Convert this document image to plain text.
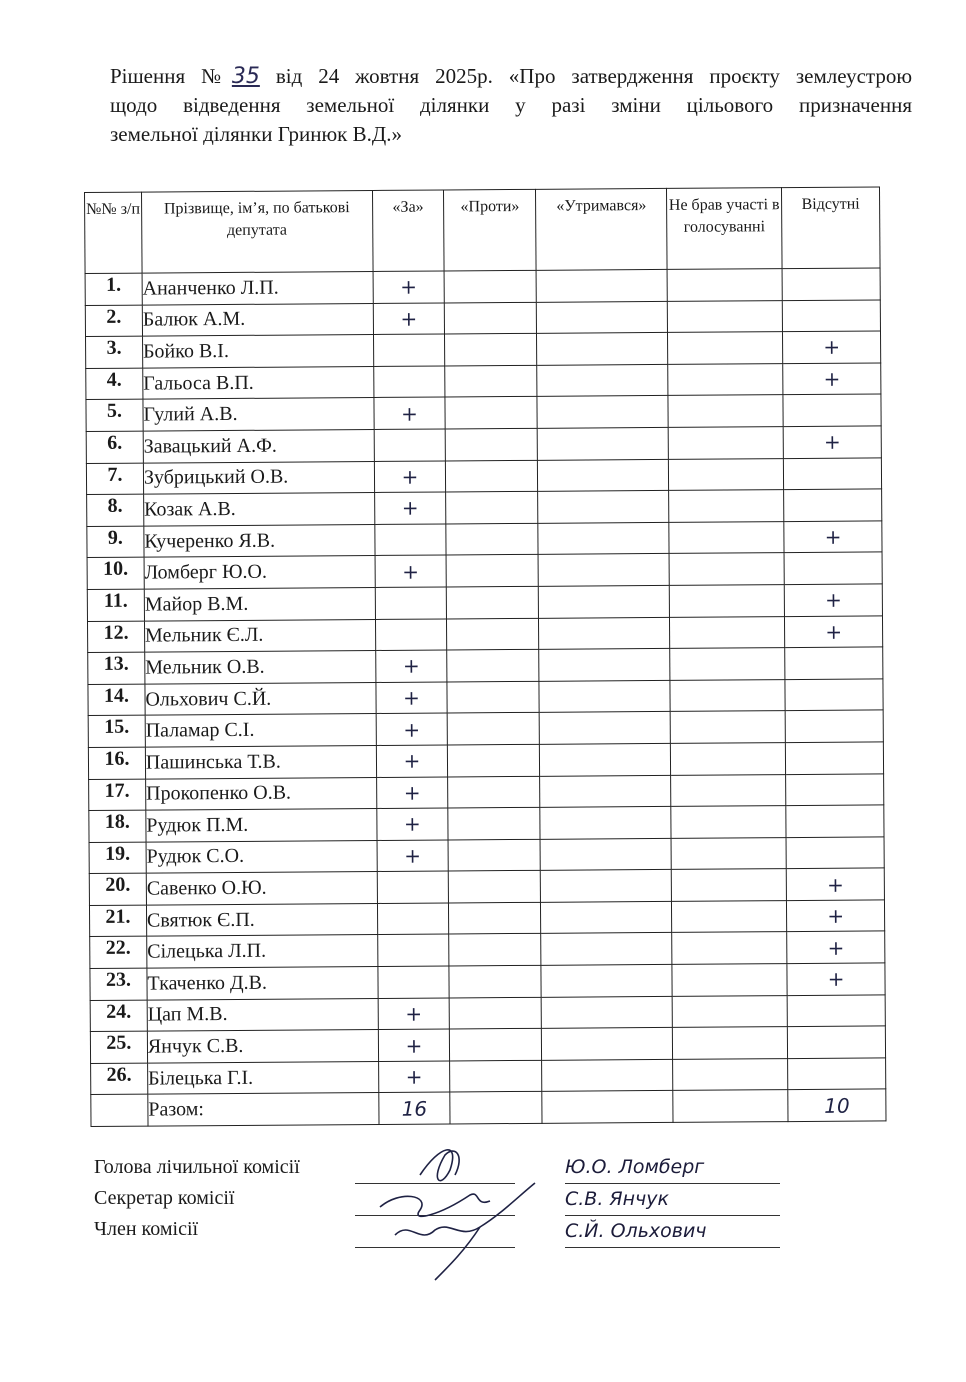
Рішення №35 від 24 жовтня 2025р. «Про затвердження проєкту землеустрою
щодо відведення земельної ділянки у разі зміни цільового призначення
земельної ділянки Гринюк В.Д.»
№№ з/п	Прізвище, ім’я, по батькові депутата	«За»	«Проти»	«Утримався»	Не брав участі в голосуванні	Відсутні
1.	Ананченко Л.П.	+				
2.	Балюк А.М.	+				
3.	Бойко В.І.					+
4.	Гальоса В.П.					+
5.	Гулий А.В.	+				
6.	Завацький А.Ф.					+
7.	Зубрицький О.В.	+				
8.	Козак А.В.	+				
9.	Кучеренко Я.В.					+
10.	Ломберг Ю.О.	+				
11.	Майор В.М.					+
12.	Мельник Є.Л.					+
13.	Мельник О.В.	+				
14.	Ольхович С.Й.	+				
15.	Паламар С.І.	+				
16.	Пашинська Т.В.	+				
17.	Прокопенко О.В.	+				
18.	Рудюк П.М.	+				
19.	Рудюк С.О.	+				
20.	Савенко О.Ю.					+
21.	Святюк Є.П.					+
22.	Сілецька Л.П.					+
23.	Ткаченко Д.В.					+
24.	Цап М.В.	+				
25.	Янчук С.В.	+				
26.	Білецька Г.І.	+				
	Разом:	16				10
Голова лічильної комісії
Секретар комісії
Член комісії
Ю.О. Ломберг
С.В. Янчук
С.Й. Ольхович
